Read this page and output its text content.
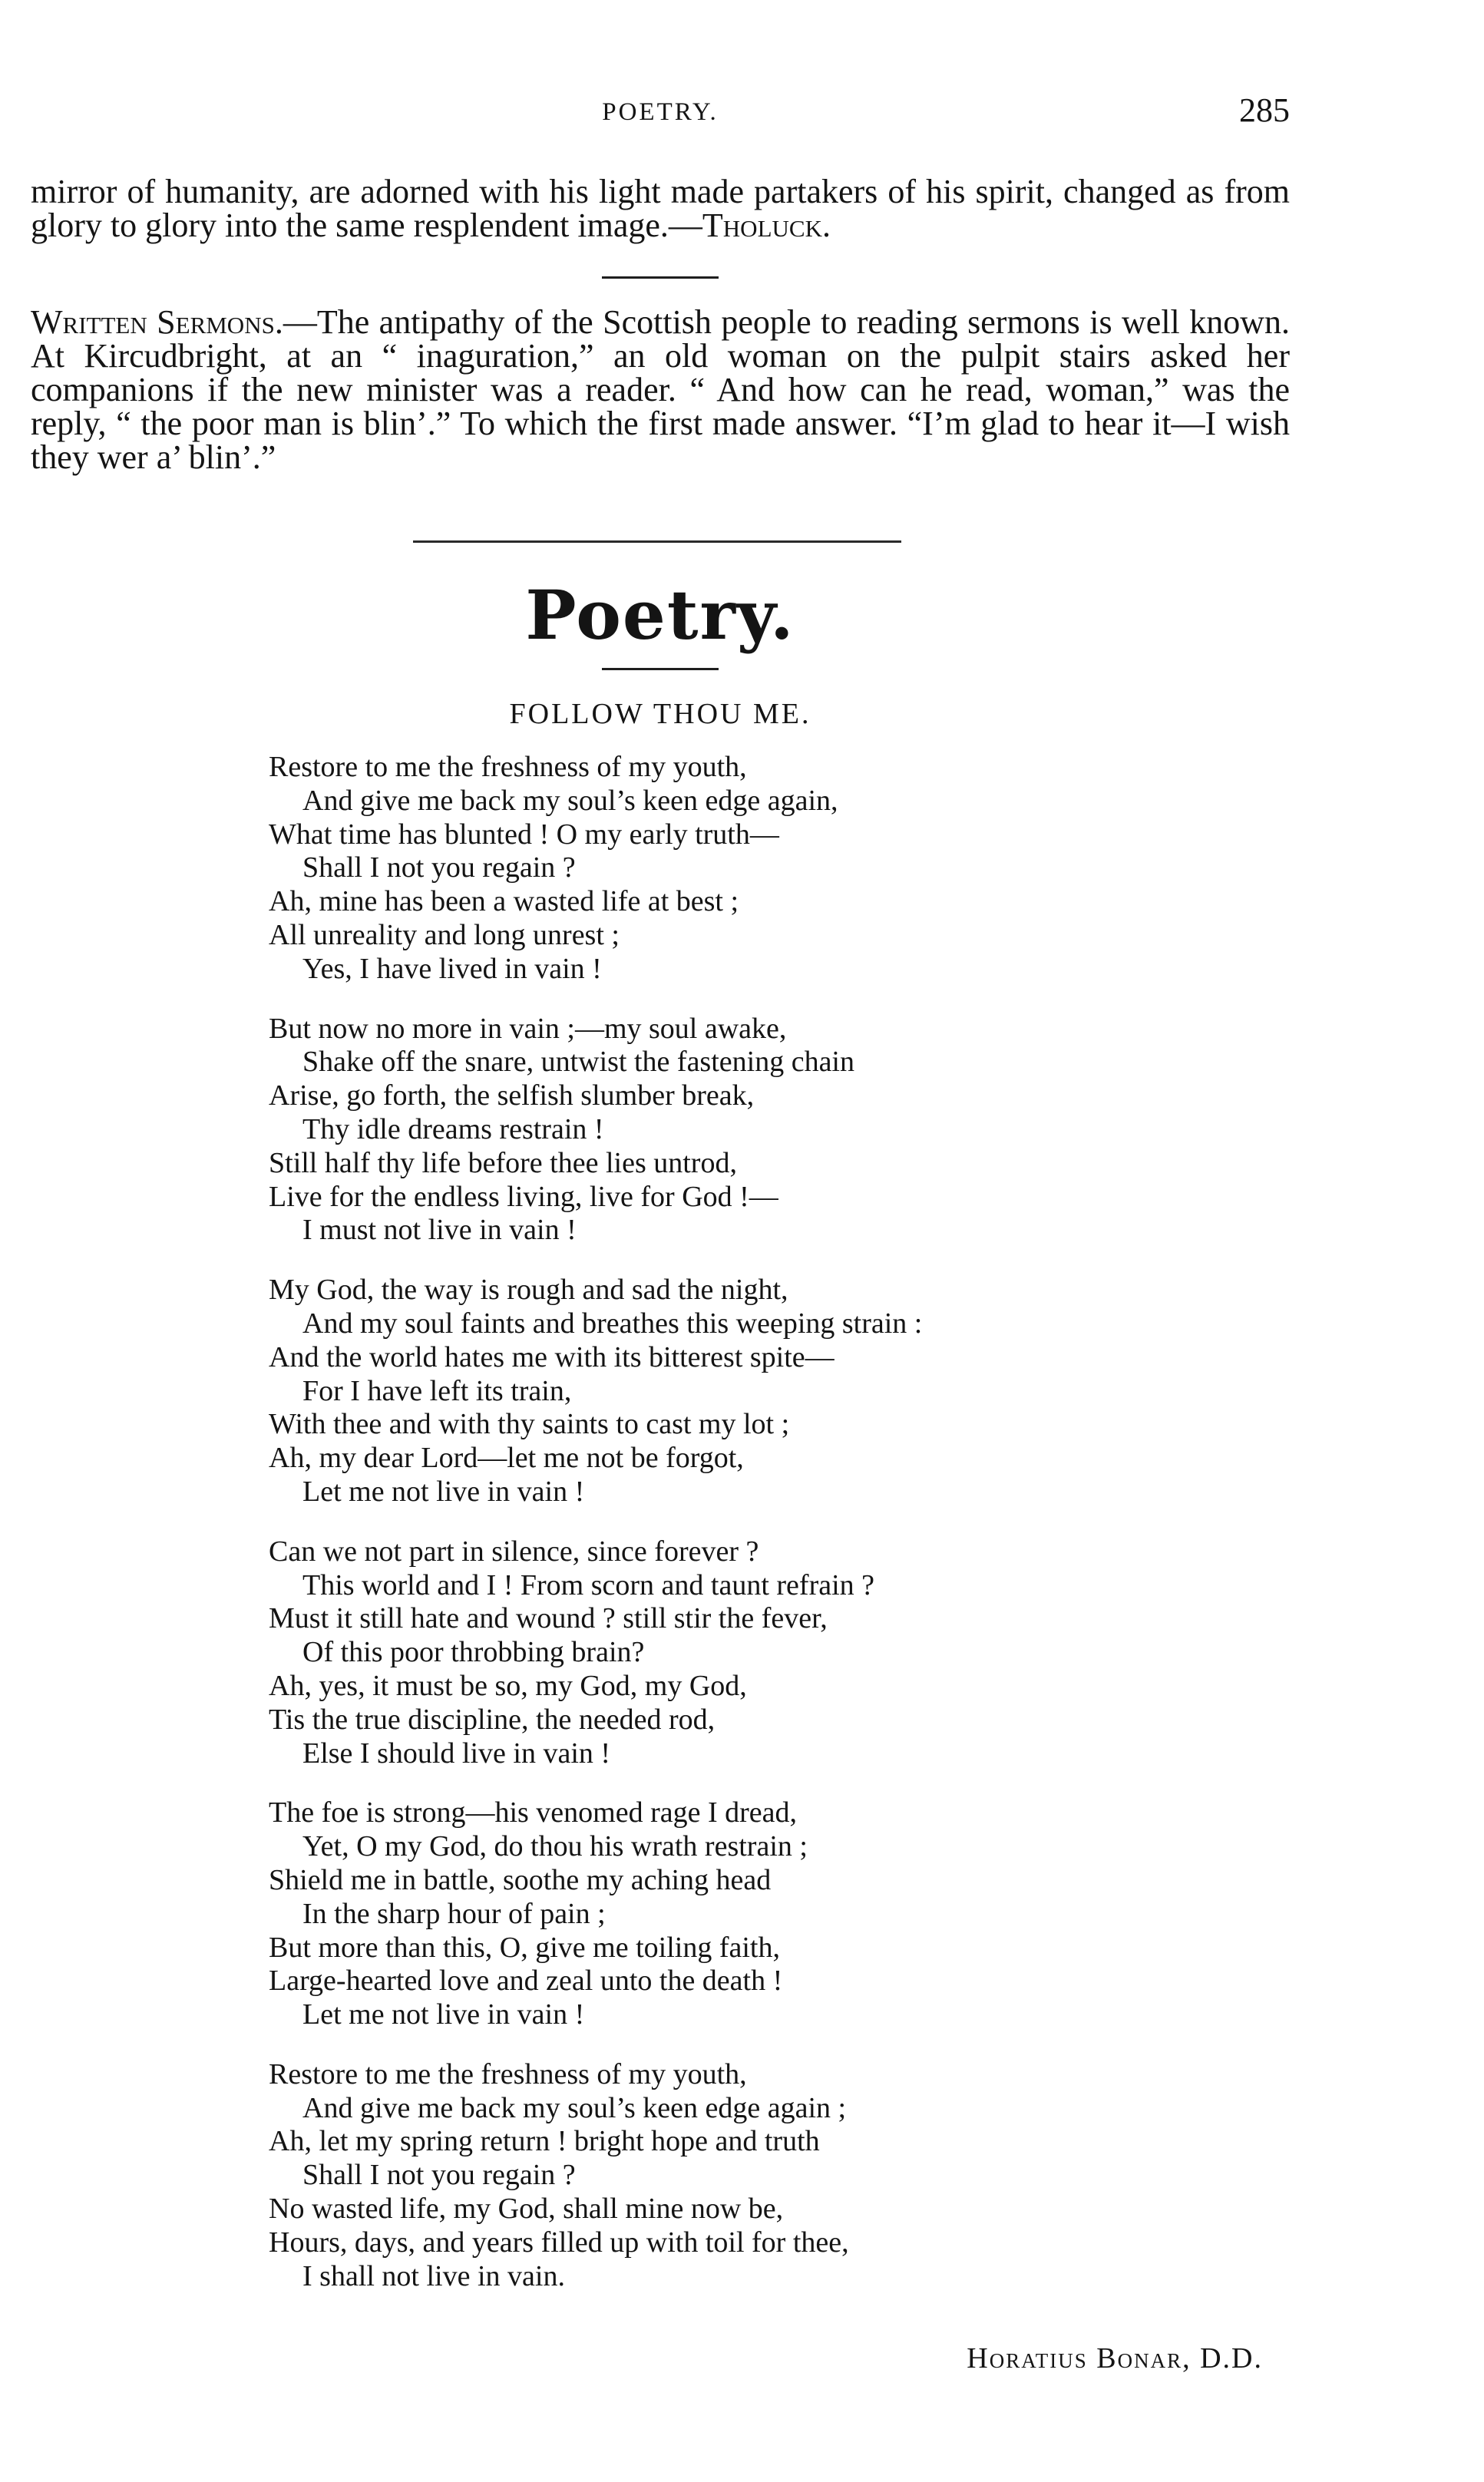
POETRY.	285

mirror of humanity, are adorned with his light made partakers of his spirit, changed as from glory to glory into the same resplendent image.—Tholuck.

Written Sermons.—The antipathy of the Scottish people to reading sermons is well known. At Kircudbright, at an “ inaguration,” an old woman on the pulpit stairs asked her companions if the new minister was a reader. “ And how can he read, woman,” was the reply, “ the poor man is blin’.” To which the first made answer. “I’m glad to hear it—I wish they wer a’ blin’.”

Poetry.
FOLLOW THOU ME.
Restore to me the freshness of my youth,
And give me back my soul’s keen edge again,
What time has blunted ! O my early truth—
Shall I not you regain ?
Ah, mine has been a wasted life at best ;
All unreality and long unrest ;
Yes, I have lived in vain !
But now no more in vain ;—my soul awake,
Shake off the snare, untwist the fastening chain
Arise, go forth, the selfish slumber break,
Thy idle dreams restrain !
Still half thy life before thee lies untrod,
Live for the endless living, live for God !—
I must not live in vain !
My God, the way is rough and sad the night,
And my soul faints and breathes this weeping strain :
And the world hates me with its bitterest spite—
For I have left its train,
With thee and with thy saints to cast my lot ;
Ah, my dear Lord—let me not be forgot,
Let me not live in vain !
Can we not part in silence, since forever ?
This world and I ! From scorn and taunt refrain ?
Must it still hate and wound ? still stir the fever,
Of this poor throbbing brain?
Ah, yes, it must be so, my God, my God,
Tis the true discipline, the needed rod,
Else I should live in vain !
The foe is strong—his venomed rage I dread,
Yet, O my God, do thou his wrath restrain ;
Shield me in battle, soothe my aching head
In the sharp hour of pain ;
But more than this, O, give me toiling faith,
Large-hearted love and zeal unto the death !
Let me not live in vain !
Restore to me the freshness of my youth,
And give me back my soul’s keen edge again ;
Ah, let my spring return ! bright hope and truth
Shall I not you regain ?
No wasted life, my God, shall mine now be,
Hours, days, and years filled up with toil for thee,
I shall not live in vain.
Horatius Bonar, D.D.
